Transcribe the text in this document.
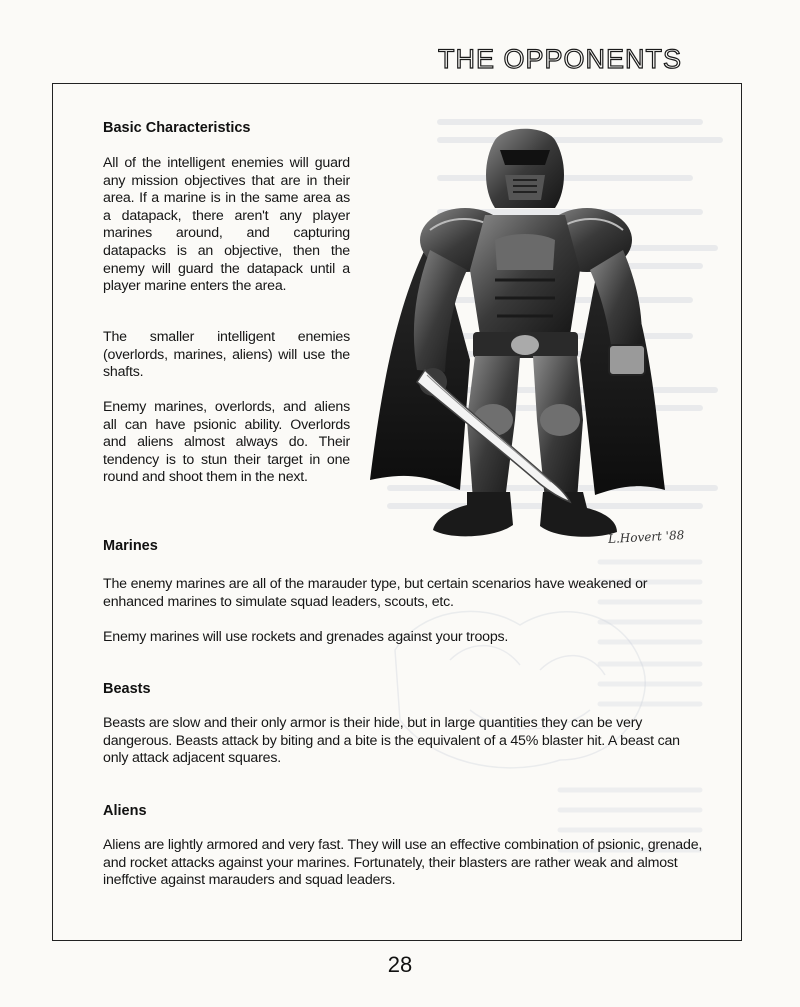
THE OPPONENTS
Basic Characteristics

All of the intelligent enemies will guard any mission objectives that are in their area. If a marine is in the same area as a datapack, there aren't any player marines around, and capturing datapacks is an objective, then the enemy will guard the datapack until a player marine enters the area.

The smaller intelligent enemies (overlords, marines, aliens) will use the shafts.

Enemy marines, overlords, and aliens all can have psionic ability. Overlords and aliens almost always do. Their tendency is to stun their target in one round and shoot them in the next.

L.Hovert '88
Marines

The enemy marines are all of the marauder type, but certain scenarios have weakened or enhanced marines to simulate squad leaders, scouts, etc.

Enemy marines will use rockets and grenades against your troops.

Beasts

Beasts are slow and their only armor is their hide, but in large quantities they can be very dangerous. Beasts attack by biting and a bite is the equivalent of a 45% blaster hit. A beast can only attack adjacent squares.

Aliens

Aliens are lightly armored and very fast. They will use an effective combination of psionic, grenade, and rocket attacks against your marines. Fortunately, their blasters are rather weak and almost ineffctive against marauders and squad leaders.

28
